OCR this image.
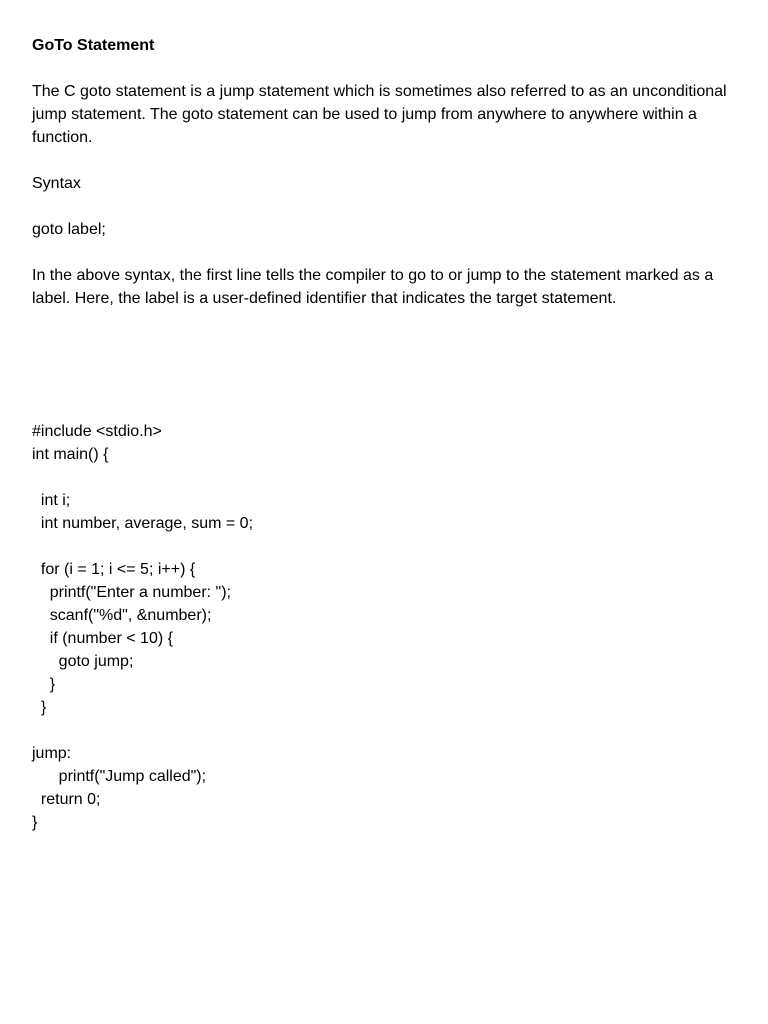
GoTo Statement

The C goto statement is a jump statement which is sometimes also referred to as an unconditional jump statement. The goto statement can be used to jump from anywhere to anywhere within a function.

Syntax

goto label;

In the above syntax, the first line tells the compiler to go to or jump to the statement marked as a label. Here, the label is a user-defined identifier that indicates the target statement.

#include <stdio.h>
int main() {
int i;
int number, average, sum = 0;
for (i = 1; i <= 5; i++) {
printf("Enter a number: ");
scanf("%d", &number);
if (number < 10) {
goto jump;
}
}
jump:
printf("Jump called");
return 0;
}
